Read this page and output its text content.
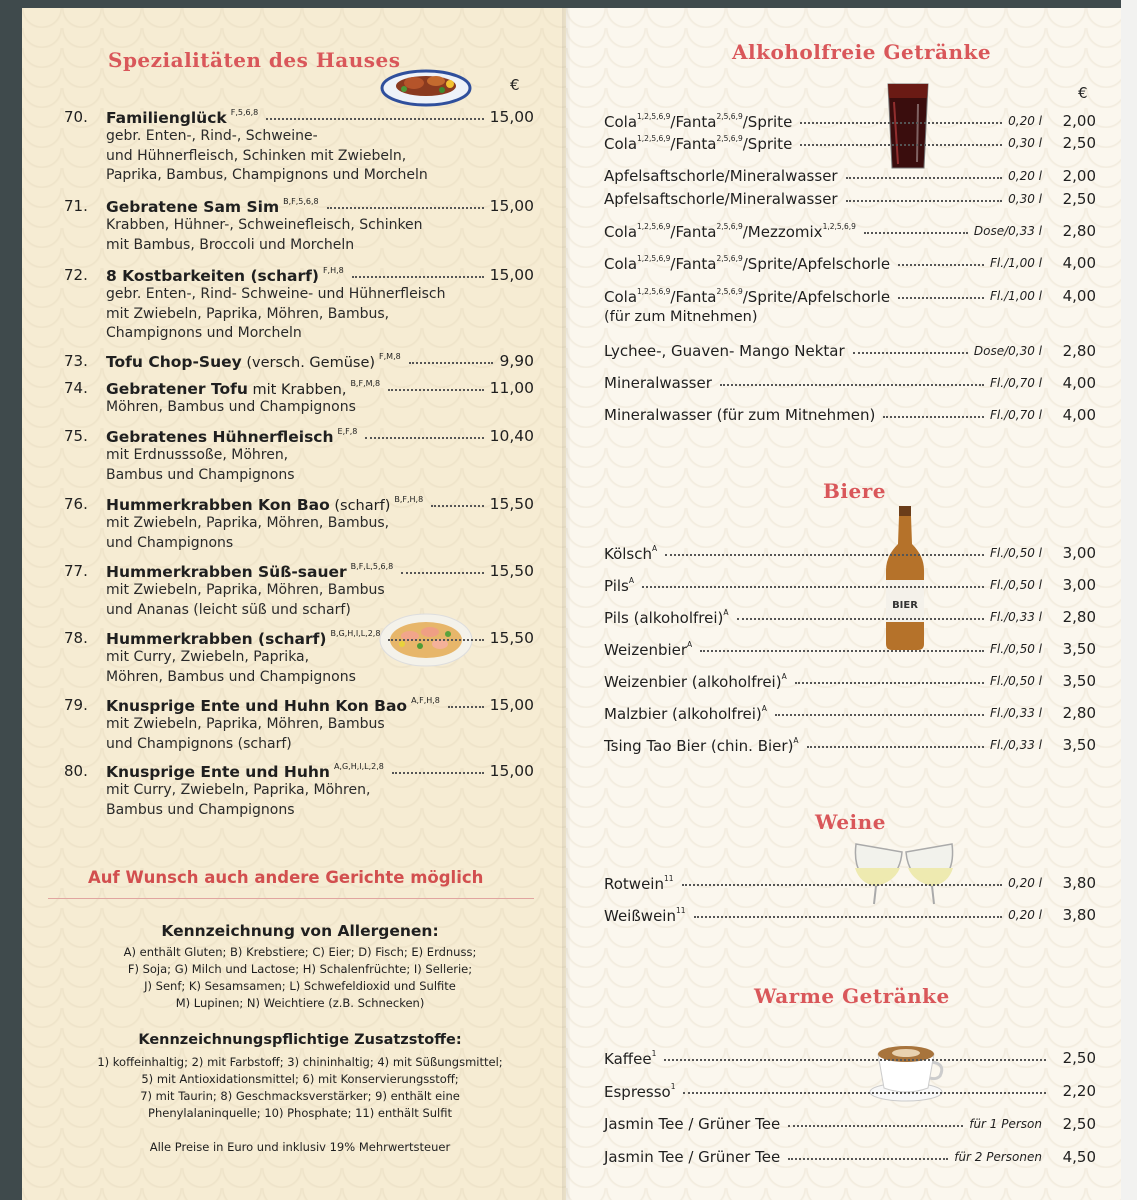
Spezialitäten des Hauses
€
70. Familienglück $^{F,5,6,8}$	15,00
gebr. Enten-, Rind-, Schweine-
und Hühnerfleisch, Schinken mit Zwiebeln,
Paprika, Bambus, Champignons und Morcheln
71. Gebratene Sam Sim $^{B,F,5,6,8}$	15,00
Krabben, Hühner-, Schweinefleisch, Schinken
mit Bambus, Broccoli und Morcheln
72. 8 Kostbarkeiten (scharf) $^{F,H,8}$	15,00
gebr. Enten-, Rind- Schweine- und Hühnerfleisch
mit Zwiebeln, Paprika, Möhren, Bambus,
Champignons und Morcheln
73. Tofu Chop-Suey (versch. Gemüse) $^{F,M,8}$	9,90
74. Gebratener Tofu mit Krabben, $^{B,F,M,8}$	11,00
Möhren, Bambus und Champignons
75. Gebratenes Hühnerfleisch $^{E,F,8}$	10,40
mit Erdnusssoße, Möhren,
Bambus und Champignons
76. Hummerkrabben Kon Bao (scharf) $^{B,F,H,8}$	15,50
mit Zwiebeln, Paprika, Möhren, Bambus,
und Champignons
77. Hummerkrabben Süß-sauer $^{B,F,L,5,6,8}$	15,50
mit Zwiebeln, Paprika, Möhren, Bambus
und Ananas (leicht süß und scharf)
78. Hummerkrabben (scharf) $^{B,G,H,I,L,2,8}$	15,50
mit Curry, Zwiebeln, Paprika,
Möhren, Bambus und Champignons
79. Knusprige Ente und Huhn Kon Bao $^{A,F,H,8}$	15,00
mit Zwiebeln, Paprika, Möhren, Bambus
und Champignons (scharf)
80. Knusprige Ente und Huhn $^{A,G,H,I,L,2,8}$	15,00
mit Curry, Zwiebeln, Paprika, Möhren,
Bambus und Champignons
Auf Wunsch auch andere Gerichte möglich
Kennzeichnung von Allergenen:
A) enthält Gluten; B) Krebstiere; C) Eier; D) Fisch; E) Erdnuss;
F) Soja; G) Milch und Lactose; H) Schalenfrüchte; I) Sellerie;
J) Senf; K) Sesamsamen; L) Schwefeldioxid und Sulfite
M) Lupinen; N) Weichtiere (z.B. Schnecken)
Kennzeichnungspflichtige Zusatzstoffe:
1) koffeinhaltig; 2) mit Farbstoff; 3) chininhaltig; 4) mit Süßungsmittel;
5) mit Antioxidationsmittel; 6) mit Konservierungsstoff;
7) mit Taurin; 8) Geschmacksverstärker; 9) enthält eine
Phenylalaninquelle; 10) Phosphate; 11) enthält Sulfit
Alle Preise in Euro und inklusiv 19% Mehrwertsteuer
€
BIER
Alkoholfreie Getränke
Cola$^{1,2,5,6,9}$/Fanta$^{2,5,6,9}$/Sprite	0,20 l 2,00
Cola$^{1,2,5,6,9}$/Fanta$^{2,5,6,9}$/Sprite	0,30 l 2,50
Apfelsaftschorle/Mineralwasser	0,20 l 2,00
Apfelsaftschorle/Mineralwasser	0,30 l 2,50
Cola$^{1,2,5,6,9}$/Fanta$^{2,5,6,9}$/Mezzomix$^{1,2,5,6,9}$	Dose/0,33 l 2,80
Cola$^{1,2,5,6,9}$/Fanta$^{2,5,6,9}$/Sprite/Apfelschorle	Fl./1,00 l 4,00
Cola$^{1,2,5,6,9}$/Fanta$^{2,5,6,9}$/Sprite/Apfelschorle	Fl./1,00 l 4,00
(für zum Mitnehmen)
Lychee-, Guaven- Mango Nektar	Dose/0,30 l 2,80
Mineralwasser	Fl./0,70 l 4,00
Mineralwasser (für zum Mitnehmen)	Fl./0,70 l 4,00
Biere
Kölsch$^A$	Fl./0,50 l 3,00
Pils$^A$	Fl./0,50 l 3,00
Pils (alkoholfrei)$^A$	Fl./0,33 l 2,80
Weizenbier$^A$	Fl./0,50 l 3,50
Weizenbier (alkoholfrei)$^A$	Fl./0,50 l 3,50
Malzbier (alkoholfrei)$^A$	Fl./0,33 l 2,80
Tsing Tao Bier (chin. Bier)$^A$	Fl./0,33 l 3,50
Weine
Rotwein$^{11}$	0,20 l 3,80
Weißwein$^{11}$	0,20 l 3,80
Warme Getränke
Kaffee$^1$	2,50
Espresso$^1$	2,20
Jasmin Tee / Grüner Tee	für 1 Person 2,50
Jasmin Tee / Grüner Tee	für 2 Personen 4,50
